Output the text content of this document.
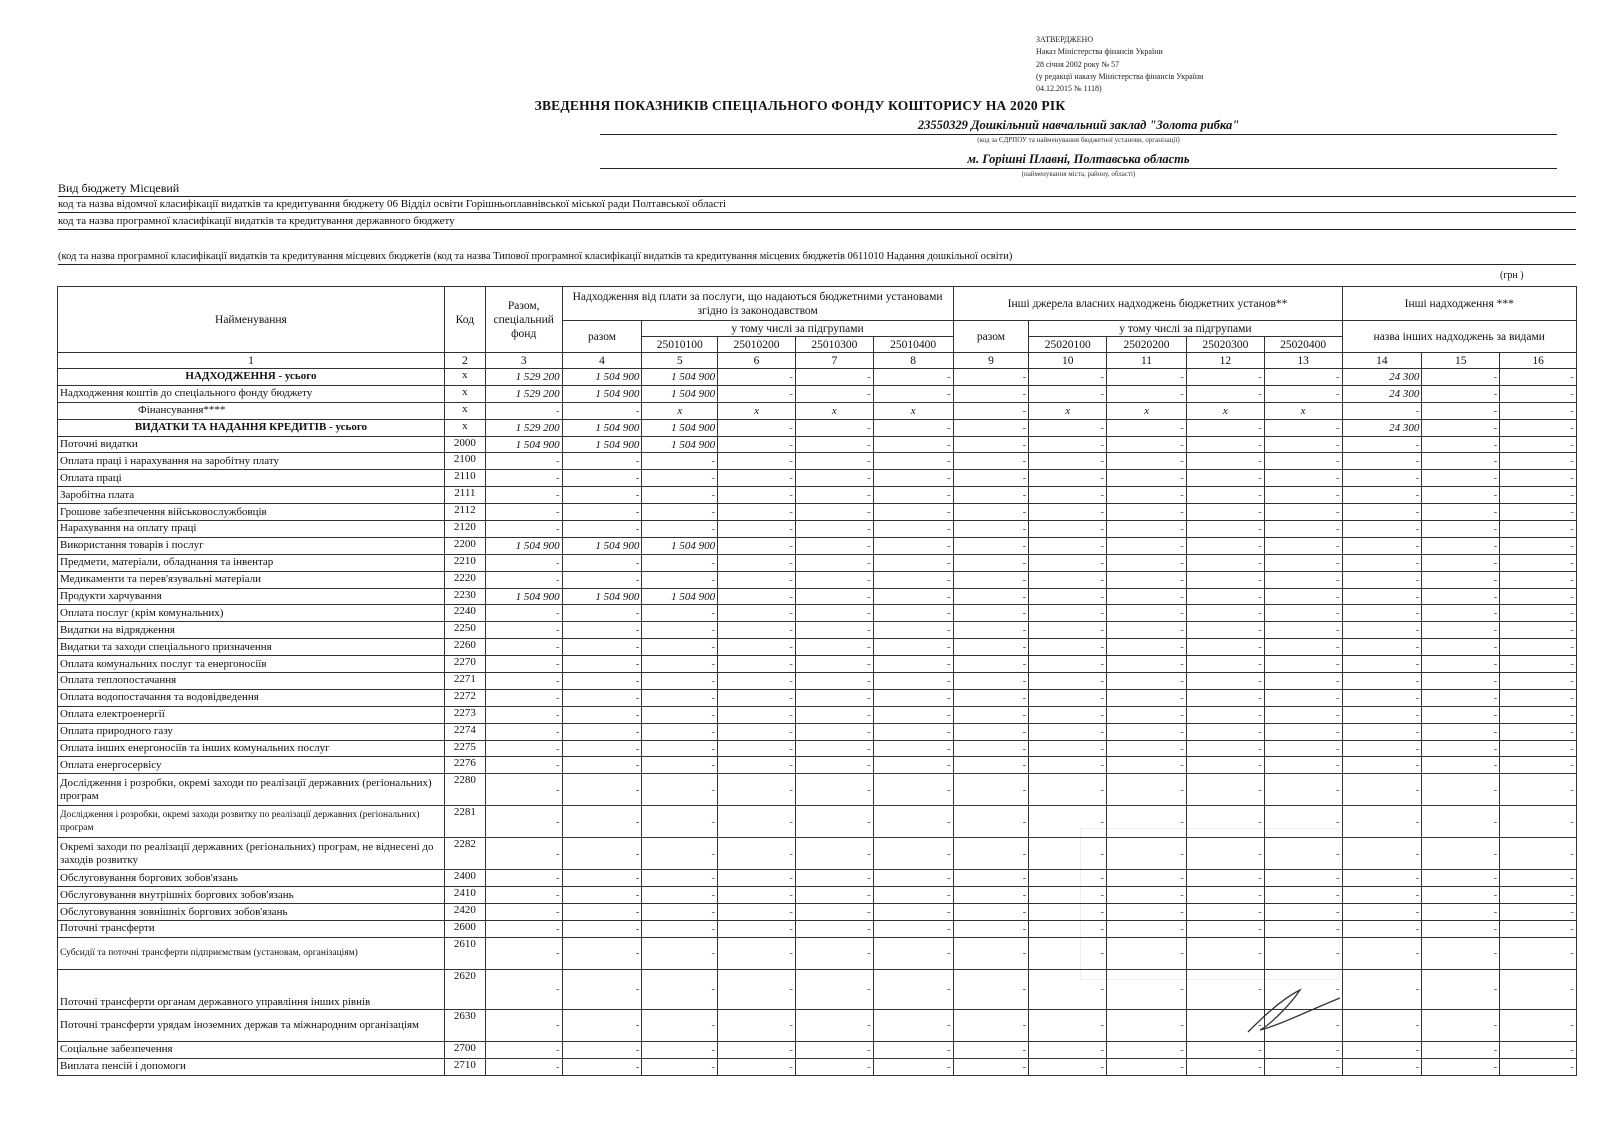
ЗАТВЕРДЖЕНО
Наказ Міністерства фінансів України
28 січня 2002 року № 57
(у редакції наказу Міністерства фінансів України
04.12.2015 № 1118)
ЗВЕДЕННЯ ПОКАЗНИКІВ СПЕЦІАЛЬНОГО ФОНДУ КОШТОРИСУ НА 2020 РІК
23550329 Дошкільний навчальний заклад "Золота рибка"
(код за ЄДРПОУ та найменування бюджетної установи, організації)
м. Горішні Плавні, Полтавська область
(найменування міста, району, області)
Вид бюджету Місцевий
код та назва відомчої класифікації видатків та кредитування бюджету 06 Відділ освіти Горішньоплавнівської міської ради Полтавської області
код та назва програмної класифікації видатків та кредитування державного бюджету
(код та назва програмної класифікації видатків та кредитування місцевих бюджетів (код та назва Типової програмної класифікації видатків та кредитування місцевих бюджетів 0611010 Надання дошкільної освіти)
(грн )
Найменування	Код	Разом, спеціальний фонд	Надходження від плати за послуги, що надаються бюджетними установами згідно із законодавством					Інші джерела власних надходжень бюджетних установ**					Інші надходження ***		
			разом	у тому числі за підгрупами				разом	у тому числі за підгрупами				назва інших надходжень за видами		
				25010100	25010200	25010300	25010400		25020100	25020200	25020300	25020400			
1	2	3	4	5	6	7	8	9	10	11	12	13	14	15	16
НАДХОДЖЕННЯ - усього	x	1 529 200	1 504 900	1 504 900	-	-	-	-	-	-	-	-	24 300	-	-
Надходження коштів до спеціального фонду бюджету	x	1 529 200	1 504 900	1 504 900	-	-	-	-	-	-	-	-	24 300	-	-
Фінансування****	x	-	-	x	x	x	x	-	x	x	x	x	-	-	-
ВИДАТКИ ТА НАДАННЯ КРЕДИТІВ - усього	x	1 529 200	1 504 900	1 504 900	-	-	-	-	-	-	-	-	24 300	-	-
Поточні видатки	2000	1 504 900	1 504 900	1 504 900	-	-	-	-	-	-	-	-	-	-	-
Оплата праці і нарахування на заробітну плату	2100	-	-	-	-	-	-	-	-	-	-	-	-	-	-
Оплата праці	2110	-	-	-	-	-	-	-	-	-	-	-	-	-	-
Заробітна плата	2111	-	-	-	-	-	-	-	-	-	-	-	-	-	-
Грошове забезпечення військовослужбовців	2112	-	-	-	-	-	-	-	-	-	-	-	-	-	-
Нарахування на оплату праці	2120	-	-	-	-	-	-	-	-	-	-	-	-	-	-
Використання товарів і послуг	2200	1 504 900	1 504 900	1 504 900	-	-	-	-	-	-	-	-	-	-	-
Предмети, матеріали, обладнання та інвентар	2210	-	-	-	-	-	-	-	-	-	-	-	-	-	-
Медикаменти та перев'язувальні матеріали	2220	-	-	-	-	-	-	-	-	-	-	-	-	-	-
Продукти харчування	2230	1 504 900	1 504 900	1 504 900	-	-	-	-	-	-	-	-	-	-	-
Оплата послуг (крім комунальних)	2240	-	-	-	-	-	-	-	-	-	-	-	-	-	-
Видатки на відрядження	2250	-	-	-	-	-	-	-	-	-	-	-	-	-	-
Видатки та заходи спеціального призначення	2260	-	-	-	-	-	-	-	-	-	-	-	-	-	-
Оплата комунальних послуг та енергоносіїв	2270	-	-	-	-	-	-	-	-	-	-	-	-	-	-
Оплата теплопостачання	2271	-	-	-	-	-	-	-	-	-	-	-	-	-	-
Оплата водопостачання та водовідведення	2272	-	-	-	-	-	-	-	-	-	-	-	-	-	-
Оплата електроенергії	2273	-	-	-	-	-	-	-	-	-	-	-	-	-	-
Оплата природного газу	2274	-	-	-	-	-	-	-	-	-	-	-	-	-	-
Оплата інших енергоносіїв та інших комунальних послуг	2275	-	-	-	-	-	-	-	-	-	-	-	-	-	-
Оплата енергосервісу	2276	-	-	-	-	-	-	-	-	-	-	-	-	-	-
Дослідження і розробки, окремі заходи по реалізації державних (регіональних) програм	2280	-	-	-	-	-	-	-	-	-	-	-	-	-	-
Дослідження і розробки, окремі заходи розвитку по реалізації державних (регіональних) програм	2281	-	-	-	-	-	-	-	-	-	-	-	-	-	-
Окремі заходи по реалізації державних (регіональних) програм, не віднесені до заходів розвитку	2282	-	-	-	-	-	-	-	-	-	-	-	-	-	-
Обслуговування боргових зобов'язань	2400	-	-	-	-	-	-	-	-	-	-	-	-	-	-
Обслуговування внутрішніх боргових зобов'язань	2410	-	-	-	-	-	-	-	-	-	-	-	-	-	-
Обслуговування зовнішніх боргових зобов'язань	2420	-	-	-	-	-	-	-	-	-	-	-	-	-	-
Поточні трансферти	2600	-	-	-	-	-	-	-	-	-	-	-	-	-	-
Субсидії та поточні трансферти підприємствам (установам, організаціям)	2610	-	-	-	-	-	-	-	-	-	-	-	-	-	-
Поточні трансферти органам державного управління інших рівнів	2620	-	-	-	-	-	-	-	-	-	-	-	-	-	-
Поточні трансферти урядам іноземних держав та міжнародним організаціям	2630	-	-	-	-	-	-	-	-	-	-	-	-	-	-
Соціальне забезпечення	2700	-	-	-	-	-	-	-	-	-	-	-	-	-	-
Виплата пенсій і допомоги	2710	-	-	-	-	-	-	-	-	-	-	-	-	-	-
